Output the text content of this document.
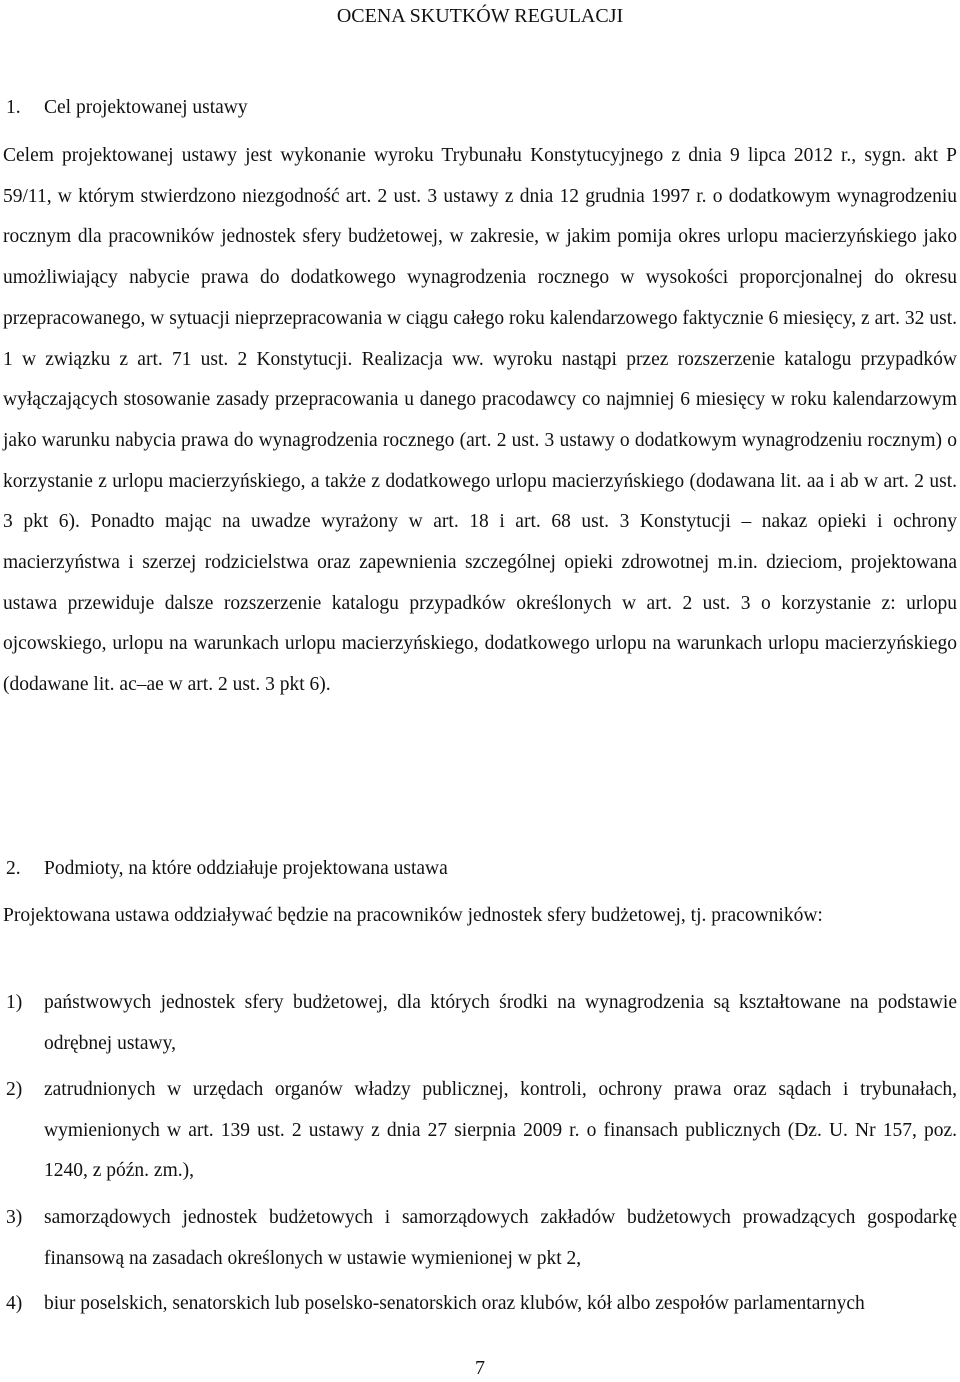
OCENA SKUTKÓW REGULACJI
1. Cel projektowanej ustawy
Celem projektowanej ustawy jest wykonanie wyroku Trybunału Konstytucyjnego z dnia 9 lipca 2012 r., sygn. akt P 59/11, w którym stwierdzono niezgodność art. 2 ust. 3 ustawy z dnia 12 grudnia 1997 r. o dodatkowym wynagrodzeniu rocznym dla pracowników jednostek sfery budżetowej, w zakresie, w jakim pomija okres urlopu macierzyńskiego jako umożliwiający nabycie prawa do dodatkowego wynagrodzenia rocznego w wysokości proporcjonalnej do okresu przepracowanego, w sytuacji nieprzepracowania w ciągu całego roku kalendarzowego faktycznie 6 miesięcy, z art. 32 ust. 1 w związku z art. 71 ust. 2 Konstytucji. Realizacja ww. wyroku nastąpi przez rozszerzenie katalogu przypadków wyłączających stosowanie zasady przepracowania u danego pracodawcy co najmniej 6 miesięcy w roku kalendarzowym jako warunku nabycia prawa do wynagrodzenia rocznego (art. 2 ust. 3 ustawy o dodatkowym wynagrodzeniu rocznym) o korzystanie z urlopu macierzyńskiego, a także z dodatkowego urlopu macierzyńskiego (dodawana lit. aa i ab w art. 2 ust. 3 pkt 6). Ponadto mając na uwadze wyrażony w art. 18 i art. 68 ust. 3 Konstytucji – nakaz opieki i ochrony macierzyństwa i szerzej rodzicielstwa oraz zapewnienia szczególnej opieki zdrowotnej m.in. dzieciom, projektowana ustawa przewiduje dalsze rozszerzenie katalogu przypadków określonych w art. 2 ust. 3 o korzystanie z: urlopu ojcowskiego, urlopu na warunkach urlopu macierzyńskiego, dodatkowego urlopu na warunkach urlopu macierzyńskiego (dodawane lit. ac–ae w art. 2 ust. 3 pkt 6).
2. Podmioty, na które oddziałuje projektowana ustawa
Projektowana ustawa oddziaływać będzie na pracowników jednostek sfery budżetowej, tj. pracowników:
1) państwowych jednostek sfery budżetowej, dla których środki na wynagrodzenia są kształtowane na podstawie odrębnej ustawy,
2) zatrudnionych w urzędach organów władzy publicznej, kontroli, ochrony prawa oraz sądach i trybunałach, wymienionych w art. 139 ust. 2 ustawy z dnia 27 sierpnia 2009 r. o finansach publicznych (Dz. U. Nr 157, poz. 1240, z późn. zm.),
3) samorządowych jednostek budżetowych i samorządowych zakładów budżetowych prowadzących gospodarkę finansową na zasadach określonych w ustawie wymienionej w pkt 2,
4) biur poselskich, senatorskich lub poselsko-senatorskich oraz klubów, kół albo zespołów parlamentarnych
7
